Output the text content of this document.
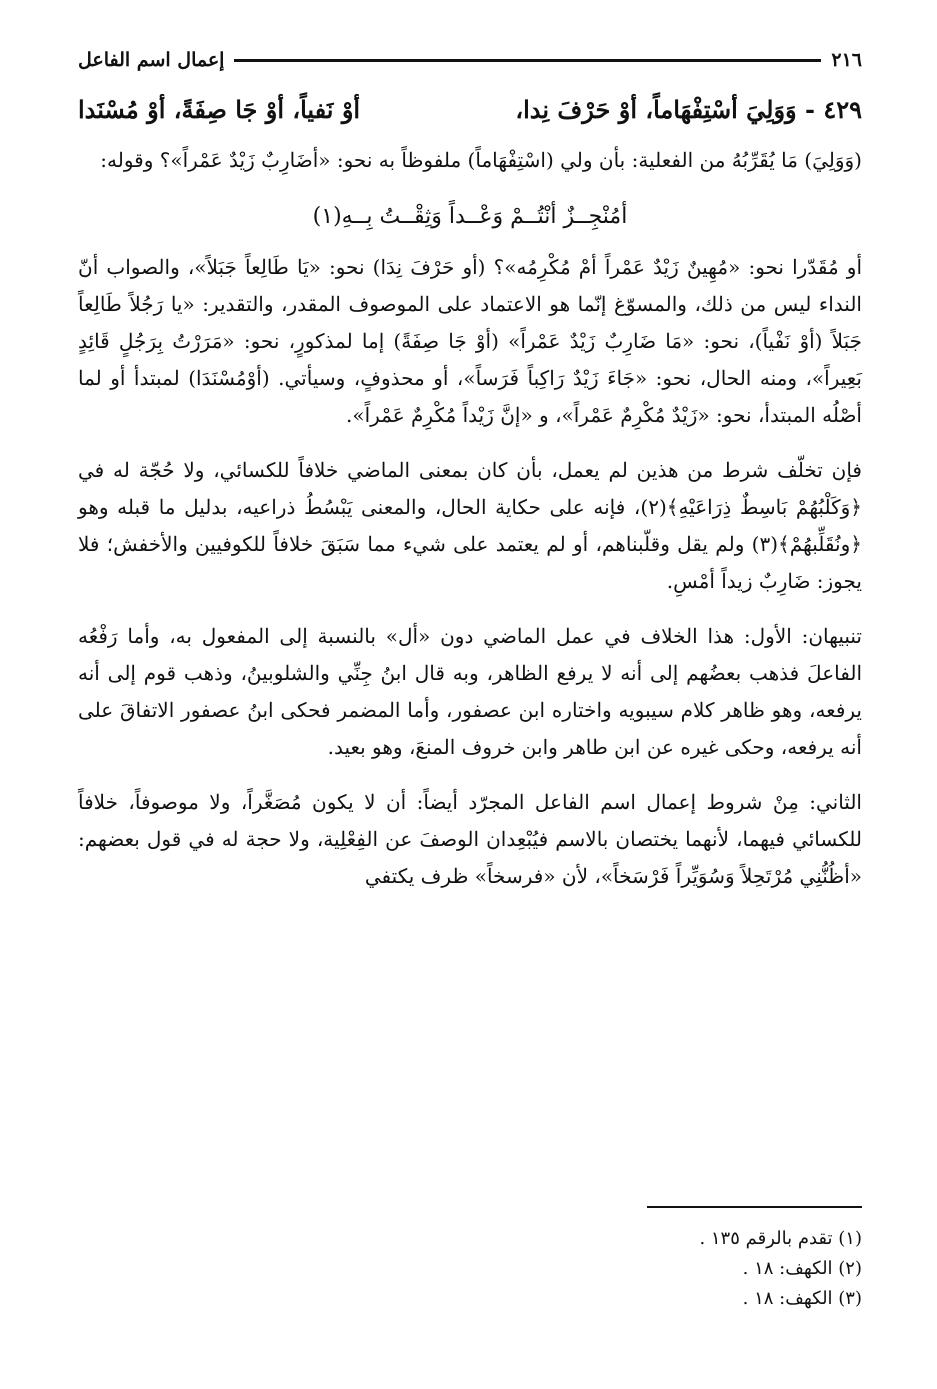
٢١٦
إعمال اسم الفاعل
٤٢٩ - وَوَلِيَ أسْتِفْهَاماً، أوْ حَرْفَ نِدا،
أوْ نَفياً، أوْ جَا صِفَةً، أوْ مُسْنَدا

(وَوَلِيَ) مَا يُقَرِّبُهُ من الفعلية: بأن ولي (اسْتِفْهَاماً) ملفوظاً به نحو: «أضَارِبٌ زَيْدٌ عَمْراً»؟ وقوله:

أمُنْجِــزٌ أنْتُــمْ وَعْــداً وَثِقْــتُ بِــهِ(١)

أو مُقَدّرا نحو: «مُهِينٌ زَيْدٌ عَمْراً أمْ مُكْرِمُه»؟ (أو حَرْفَ نِدَا) نحو: «يَا طَالِعاً جَبَلاً»، والصواب أنّ النداء ليس من ذلك، والمسوّغ إنّما هو الاعتماد على الموصوف المقدر، والتقدير: «يا رَجُلاً طَالِعاً جَبَلاً (أوْ نَفْياً)، نحو: «مَا ضَارِبٌ زَيْدٌ عَمْراً» (أوْ جَا صِفَةً) إما لمذكورٍ، نحو: «مَرَرْتُ بِرَجُلٍ قَائِدٍ بَعِيراً»، ومنه الحال، نحو: «جَاءَ زَيْدٌ رَاكِباً فَرَساً»، أو محذوفٍ، وسيأتي. (أوْمُسْنَدَا) لمبتدأ أو لما أصْلُه المبتدأ، نحو: «زَيْدٌ مُكْرِمٌ عَمْراً»، و «إنَّ زَيْداً مُكْرِمٌ عَمْراً».

فإن تخلّف شرط من هذين لم يعمل، بأن كان بمعنى الماضي خلافاً للكسائي، ولا حُجّة له في ﴿وَكَلْبُهُمْ بَاسِطٌ ذِرَاعَيْهِ﴾(٢)، فإنه على حكاية الحال، والمعنى يَبْسُطُ ذراعيه، بدليل ما قبله وهو ﴿ونُقَلِّبهُمْ﴾(٣) ولم يقل وقلّبناهم، أو لم يعتمد على شيء مما سَبَقَ خلافاً للكوفيين والأخفش؛ فلا يجوز: ضَارِبٌ زيداً أمْسِ.

تنبيهان: الأول: هذا الخلاف في عمل الماضي دون «أل» بالنسبة إلى المفعول به، وأما رَفْعُه الفاعلَ فذهب بعضُهم إلى أنه لا يرفع الظاهر، وبه قال ابنُ جِنِّي والشلوبينُ، وذهب قوم إلى أنه يرفعه، وهو ظاهر كلام سيبويه واختاره ابن عصفور، وأما المضمر فحكى ابنُ عصفور الاتفاقَ على أنه يرفعه، وحكى غيره عن ابن طاهر وابن خروف المنعَ، وهو بعيد.

الثاني: مِنْ شروط إعمال اسم الفاعل المجرّد أيضاً: أن لا يكون مُصَغَّراً، ولا موصوفاً، خلافاً للكسائي فيهما، لأنهما يختصان بالاسم فيُبْعِدان الوصفَ عن الفِعْلِية، ولا حجة له في قول بعضهم: «أظُنُّنِي مُرْتَحِلاً وَسُوَيِّراً فَرْسَخاً»، لأن «فرسخاً» ظرف يكتفي

(١) تقدم بالرقم ١٣٥ .
(٢) الكهف: ١٨ .
(٣) الكهف: ١٨ .
